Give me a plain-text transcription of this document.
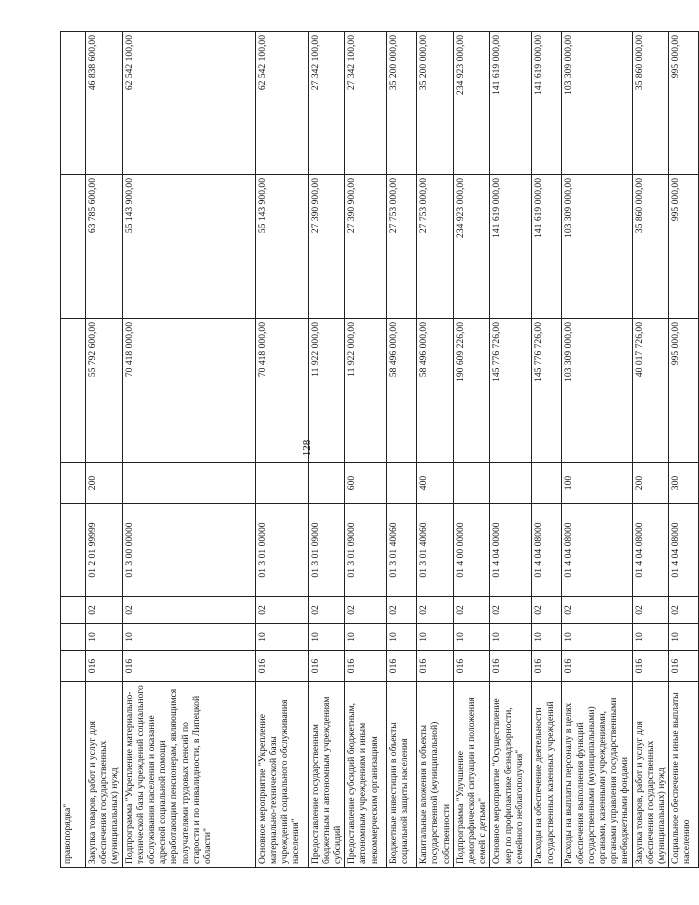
128
правопорядка"								
Закупка товаров, работ и услуг для обеспечения государственных (муниципальных) нужд	016	10	02	01 2 01 99999	200	55 792 600,00	63 785 600,00	46 838 600,00
Подпрограмма "Укрепление материально-технической базы учреждений социального обслуживания населения и оказание адресной социальной помощи неработающим пенсионерам, являющимся получателями трудовых пенсий по старости и по инвалидности, в Липецкой области"	016	10	02	01 3 00 00000		70 418 000,00	55 143 900,00	62 542 100,00
Основное мероприятие "Укрепление материально-технической базы учреждений социального обслуживания населения"	016	10	02	01 3 01 00000		70 418 000,00	55 143 900,00	62 542 100,00
Предоставление государственным бюджетным и автономным учреждениям субсидий	016	10	02	01 3 01 09000		11 922 000,00	27 390 900,00	27 342 100,00
Предоставление субсидий бюджетным, автономным учреждениям и иным некоммерческим организациям	016	10	02	01 3 01 09000	600	11 922 000,00	27 390 900,00	27 342 100,00
Бюджетные инвестиции в объекты социальной защиты населения	016	10	02	01 3 01 40060		58 496 000,00	27 753 000,00	35 200 000,00
Капитальные вложения в объекты государственной (муниципальной) собственности	016	10	02	01 3 01 40060	400	58 496 000,00	27 753 000,00	35 200 000,00
Подпрограмма "Улучшение демографической ситуации и положения семей с детьми"	016	10	02	01 4 00 00000		190 609 226,00	234 923 000,00	234 923 000,00
Основное мероприятие "Осуществление мер по профилактике безнадзорности, семейного неблагополучия"	016	10	02	01 4 04 00000		145 776 726,00	141 619 000,00	141 619 000,00
Расходы на обеспечение деятельности государственных казенных учреждений	016	10	02	01 4 04 08000		145 776 726,00	141 619 000,00	141 619 000,00
Расходы на выплаты персоналу в целях обеспечения выполнения функций государственными (муниципальными) органами, казенными учреждениями, органами управления государственными внебюджетными фондами	016	10	02	01 4 04 08000	100	103 309 000,00	103 309 000,00	103 309 000,00
Закупка товаров, работ и услуг для обеспечения государственных (муниципальных) нужд	016	10	02	01 4 04 08000	200	40 017 726,00	35 860 000,00	35 860 000,00
Социальное обеспечение и иные выплаты населению	016	10	02	01 4 04 08000	300	995 000,00	995 000,00	995 000,00
